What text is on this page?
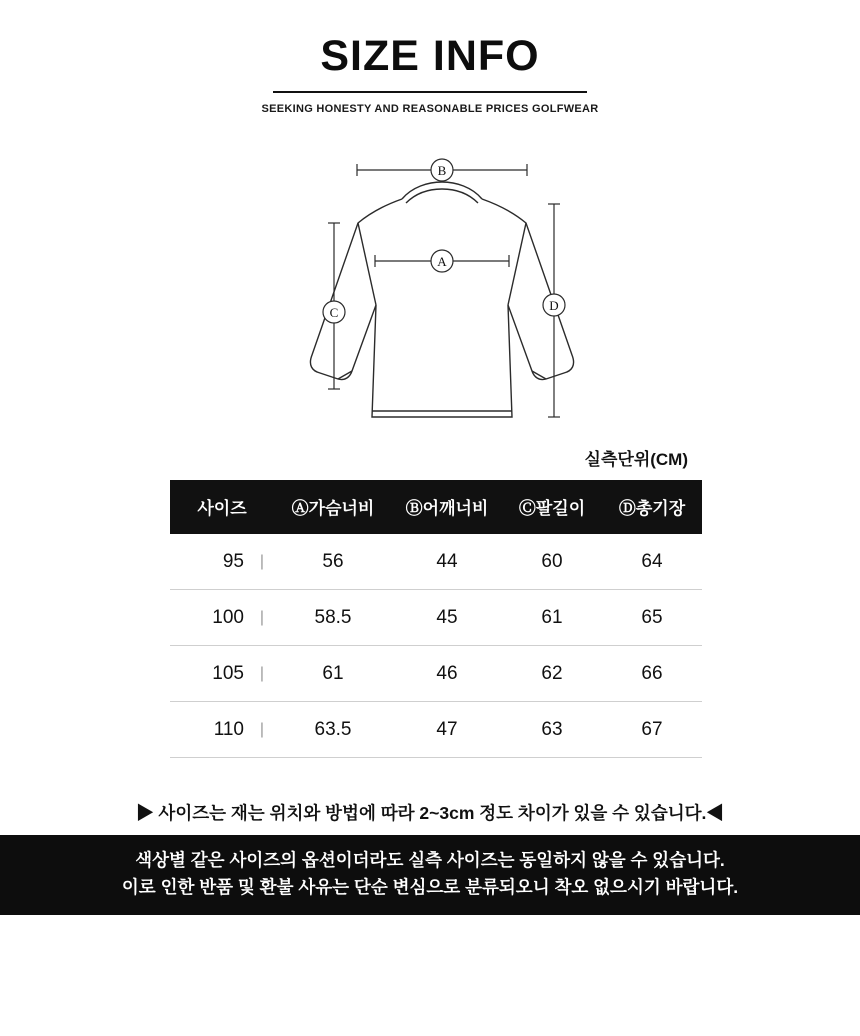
SIZE INFO
SEEKING HONESTY AND REASONABLE PRICES GOLFWEAR
B
A
C	D
실측단위(CM)
사이즈	Ⓐ가슴너비	Ⓑ어깨너비	Ⓒ팔길이	Ⓓ총기장
95 |	56	44	60	64
100 |	58.5	45	61	65
105 |	61	46	62	66
110 |	63.5	47	63	67
▶ 사이즈는 재는 위치와 방법에 따라 2~3cm 정도 차이가 있을 수 있습니다.◀
색상별 같은 사이즈의 옵션이더라도 실측 사이즈는 동일하지 않을 수 있습니다.
이로 인한 반품 및 환불 사유는 단순 변심으로 분류되오니 착오 없으시기 바랍니다.
